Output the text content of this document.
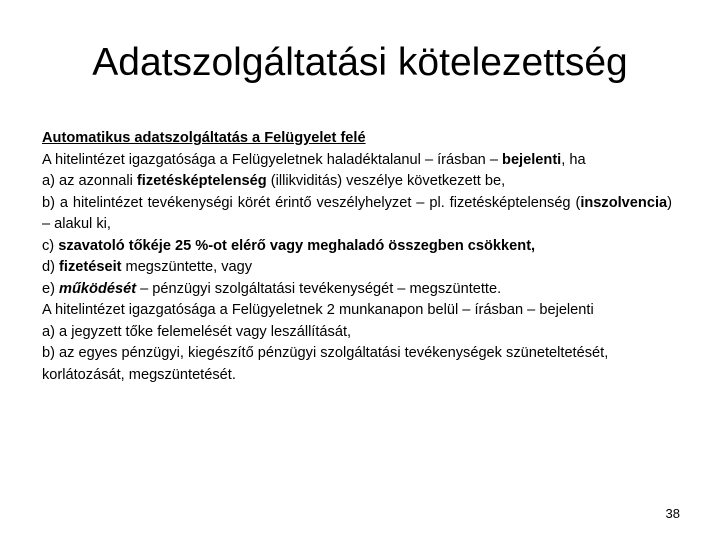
Adatszolgáltatási kötelezettség

Automatikus adatszolgáltatás a Felügyelet felé

A hitelintézet igazgatósága a Felügyeletnek haladéktalanul – írásban – bejelenti, ha

a) az azonnali fizetésképtelenség (illikviditás) veszélye következett be,

b) a hitelintézet tevékenységi körét érintő veszélyhelyzet – pl. fizetésképtelenség (inszolvencia) – alakul ki,

c) szavatoló tőkéje 25 %-ot elérő vagy meghaladó összegben csökkent,

d) fizetéseit megszüntette, vagy

e) működését – pénzügyi szolgáltatási tevékenységét – megszüntette.

A hitelintézet igazgatósága a Felügyeletnek 2 munkanapon belül – írásban – bejelenti

a) a jegyzett tőke felemelését vagy leszállítását,

b) az egyes pénzügyi, kiegészítő pénzügyi szolgáltatási tevékenységek szüneteltetését, korlátozását, megszüntetését.

38
